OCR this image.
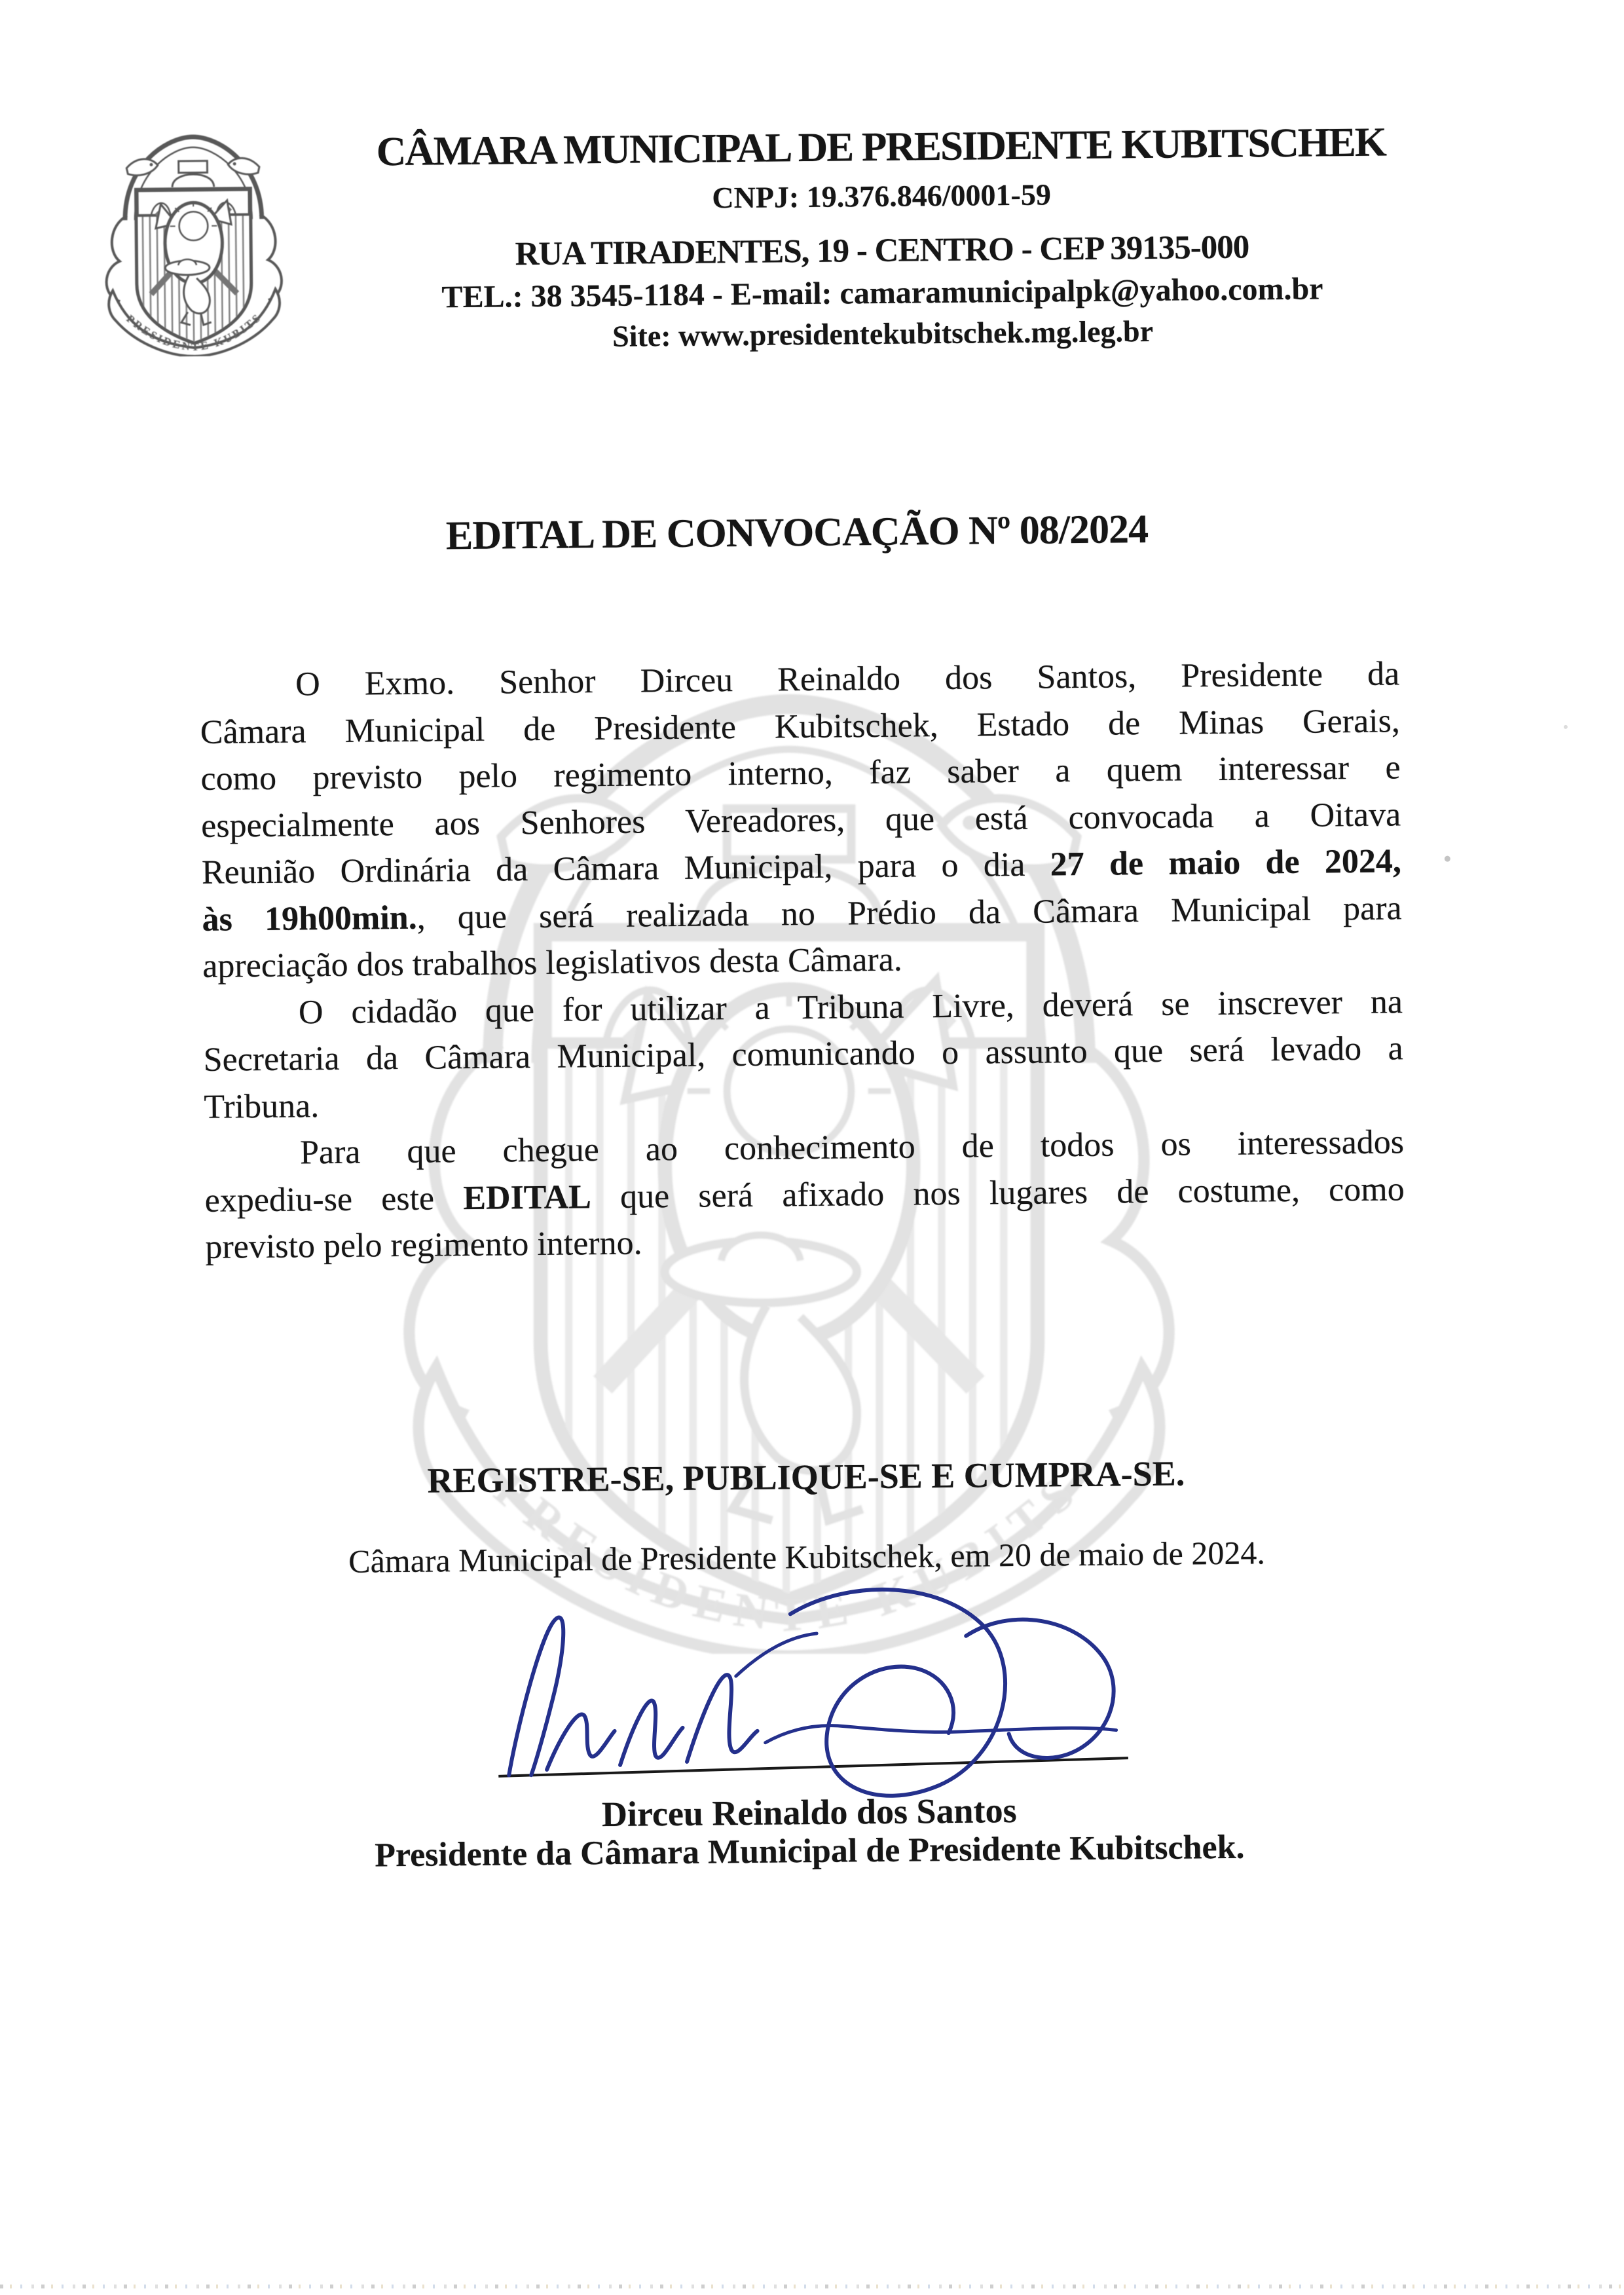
CÂMARA MUNICIPAL DE PRESIDENTE KUBITSCHEK
CNPJ: 19.376.846/0001-59
RUA TIRADENTES, 19 - CENTRO - CEP 39135-000
TEL.: 38 3545-1184 - E-mail: camaramunicipalpk@yahoo.com.br
Site: www.presidentekubitschek.mg.leg.br
EDITAL DE CONVOCAÇÃO Nº 08/2024
O Exmo. Senhor Dirceu Reinaldo dos Santos, Presidente da
Câmara Municipal de Presidente Kubitschek, Estado de Minas Gerais,
como previsto pelo regimento interno, faz saber a quem interessar e
especialmente aos Senhores Vereadores, que está convocada a Oitava
Reunião Ordinária da Câmara Municipal, para o dia 27 de maio de 2024,
às 19h00min., que será realizada no Prédio da Câmara Municipal para
apreciação dos trabalhos legislativos desta Câmara.
O cidadão que for utilizar a Tribuna Livre, deverá se inscrever na
Secretaria da Câmara Municipal, comunicando o assunto que será levado a
Tribuna.
Para que chegue ao conhecimento de todos os interessados
expediu-se este EDITAL que será afixado nos lugares de costume, como
previsto pelo regimento interno.
REGISTRE-SE, PUBLIQUE-SE E CUMPRA-SE.
Câmara Municipal de Presidente Kubitschek, em 20 de maio de 2024.
Dirceu Reinaldo dos Santos
Presidente da Câmara Municipal de Presidente Kubitschek.
